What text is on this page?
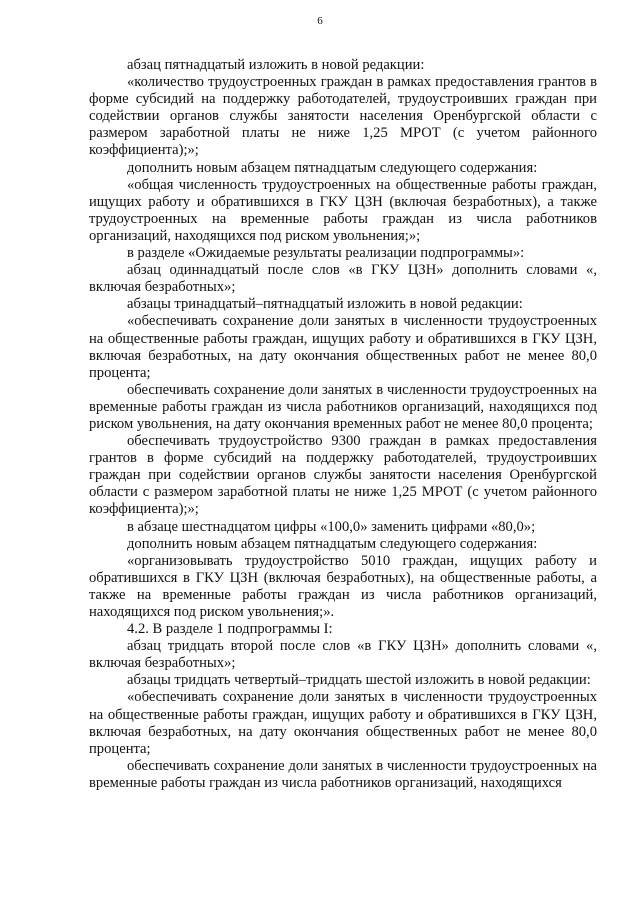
6

абзац пятнадцатый изложить в новой редакции:

«количество трудоустроенных граждан в рамках предоставления грантов в форме субсидий на поддержку работодателей, трудоустроивших граждан при содействии органов службы занятости населения Оренбургской области с размером заработной платы не ниже 1,25 МРОТ (с учетом районного коэффициента);»;

дополнить новым абзацем пятнадцатым следующего содержания:

«общая численность трудоустроенных на общественные работы граждан, ищущих работу и обратившихся в ГКУ ЦЗН (включая безработных), а также трудоустроенных на временные работы граждан из числа работников организаций, находящихся под риском увольнения;»;

в разделе «Ожидаемые результаты реализации подпрограммы»:

абзац одиннадцатый после слов «в ГКУ ЦЗН» дополнить словами «, включая безработных»;

абзацы тринадцатый–пятнадцатый изложить в новой редакции:

«обеспечивать сохранение доли занятых в численности трудоустроенных на общественные работы граждан, ищущих работу и обратившихся в ГКУ ЦЗН, включая безработных, на дату окончания общественных работ не менее 80,0 процента;

обеспечивать сохранение доли занятых в численности трудоустроенных на временные работы граждан из числа работников организаций, находящихся под риском увольнения, на дату окончания временных работ не менее 80,0 процента;

обеспечивать трудоустройство 9300 граждан в рамках предоставления грантов в форме субсидий на поддержку работодателей, трудоустроивших граждан при содействии органов службы занятости населения Оренбургской области с размером заработной платы не ниже 1,25 МРОТ (с учетом районного коэффициента);»;

в абзаце шестнадцатом цифры «100,0» заменить цифрами «80,0»;

дополнить новым абзацем пятнадцатым следующего содержания:

«организовывать трудоустройство 5010 граждан, ищущих работу и обратившихся в ГКУ ЦЗН (включая безработных), на общественные работы, а также на временные работы граждан из числа работников организаций, находящихся под риском увольнения;».

4.2. В разделе 1 подпрограммы I:

абзац тридцать второй после слов «в ГКУ ЦЗН» дополнить словами «, включая безработных»;

абзацы тридцать четвертый–тридцать шестой изложить в новой редакции:

«обеспечивать сохранение доли занятых в численности трудоустроенных на общественные работы граждан, ищущих работу и обратившихся в ГКУ ЦЗН, включая безработных, на дату окончания общественных работ не менее 80,0 процента;

обеспечивать сохранение доли занятых в численности трудоустроенных на временные работы граждан из числа работников организаций, находящихся
